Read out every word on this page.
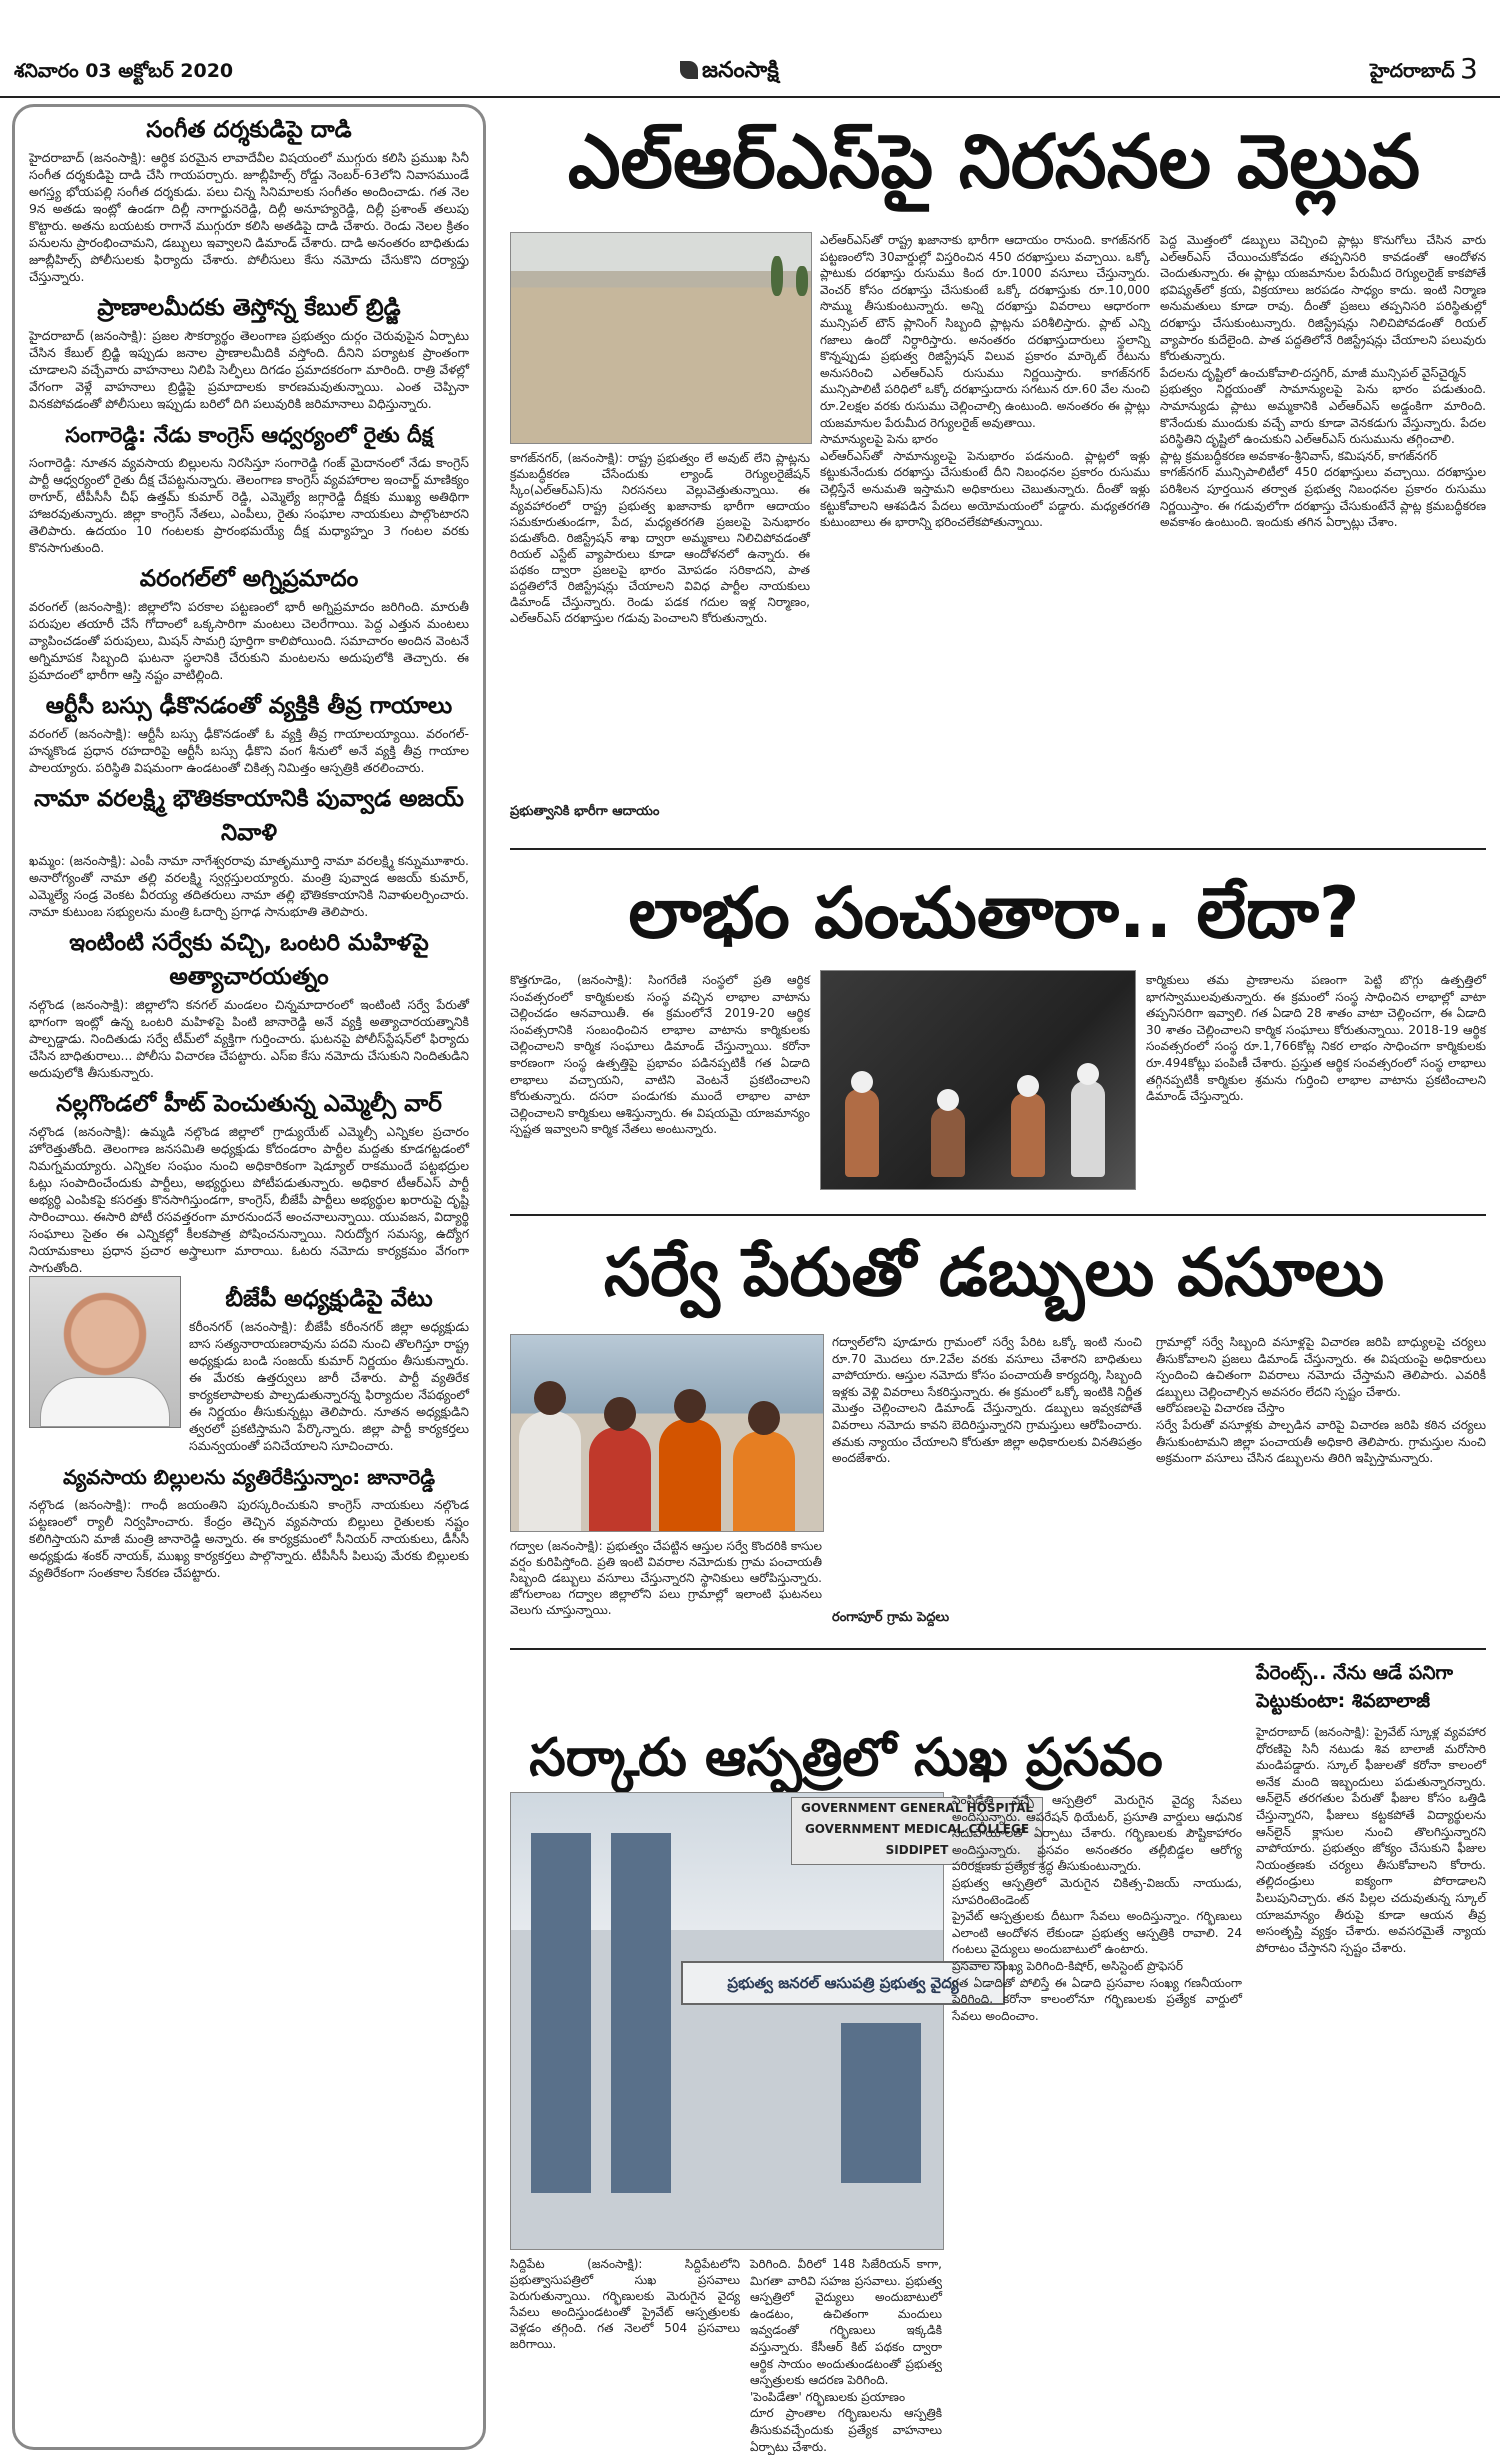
శనివారం 03 అక్టోబర్ 2020	జనంసాక్షి	హైదరాబాద్ 3
సంగీత దర్శకుడిపై దాడి

హైదరాబాద్ (జనంసాక్షి): ఆర్థిక పరమైన లావాదేవీల విషయంలో ముగ్గురు కలిసి ప్రముఖ సినీ సంగీత దర్శకుడిపై దాడి చేసి గాయపర్చారు. జూబ్లీహిల్స్ రోడ్డు నెంబర్-63లోని నివాసముండే అగస్త్య భోయపల్లి సంగీత దర్శకుడు. పలు చిన్న సినిమాలకు సంగీతం అందించాడు. గత నెల 9న అతడు ఇంట్లో ఉండగా దిల్లీ నాగార్జునరెడ్డి, దిల్లీ అనూహ్యరెడ్డి, దిల్లీ ప్రశాంత్ తలుపు కొట్టారు. అతను బయటకు రాగానే ముగ్గురూ కలిసి అతడిపై దాడి చేశారు. రెండు నెలల క్రితం పనులను ప్రారంభించామని, డబ్బులు ఇవ్వాలని డిమాండ్ చేశారు. దాడి అనంతరం బాధితుడు జూబ్లీహిల్స్ పోలీసులకు ఫిర్యాదు చేశారు. పోలీసులు కేసు నమోదు చేసుకొని దర్యాప్తు చేస్తున్నారు.

ప్రాణాలమీదకు తెస్తోన్న కేబుల్ బ్రిడ్జి

హైదరాబాద్ (జనంసాక్షి): ప్రజల సౌకర్యార్థం తెలంగాణ ప్రభుత్వం దుర్గం చెరువుపైన ఏర్పాటు చేసిన కేబుల్ బ్రిడ్జి ఇప్పుడు జనాల ప్రాణాలమీదికి వస్తోంది. దీనిని పర్యాటక ప్రాంతంగా చూడాలని వచ్చేవారు వాహనాలు నిలిపి సెల్ఫీలు దిగడం ప్రమాదకరంగా మారింది. రాత్రి వేళల్లో వేగంగా వెళ్లే వాహనాలు బ్రిడ్జిపై ప్రమాదాలకు కారణమవుతున్నాయి. ఎంత చెప్పినా వినకపోవడంతో పోలీసులు ఇప్పుడు బరిలో దిగి పలువురికి జరిమానాలు విధిస్తున్నారు.

సంగారెడ్డి: నేడు కాంగ్రెస్ ఆధ్వర్యంలో రైతు దీక్ష

సంగారెడ్డి: నూతన వ్యవసాయ బిల్లులను నిరసిస్తూ సంగారెడ్డి గంజ్ మైదానంలో నేడు కాంగ్రెస్ పార్టీ ఆధ్వర్యంలో రైతు దీక్ష చేపట్టనున్నారు. తెలంగాణ కాంగ్రెస్ వ్యవహారాల ఇంచార్జ్ మాణిక్యం ఠాగూర్, టీపీసీసీ చీఫ్ ఉత్తమ్ కుమార్ రెడ్డి, ఎమ్మెల్యే జగ్గారెడ్డి దీక్షకు ముఖ్య అతిథిగా హాజరవుతున్నారు. జిల్లా కాంగ్రెస్ నేతలు, ఎంపీలు, రైతు సంఘాల నాయకులు పాల్గొంటారని తెలిపారు. ఉదయం 10 గంటలకు ప్రారంభమయ్యే దీక్ష మధ్యాహ్నం 3 గంటల వరకు కొనసాగుతుంది.

వరంగల్‌లో అగ్నిప్రమాదం

వరంగల్ (జనంసాక్షి): జిల్లాలోని పరకాల పట్టణంలో భారీ అగ్నిప్రమాదం జరిగింది. మారుతీ పరుపుల తయారీ చేసే గోదాంలో ఒక్కసారిగా మంటలు చెలరేగాయి. పెద్ద ఎత్తున మంటలు వ్యాపించడంతో పరుపులు, మిషన్ సామగ్రి పూర్తిగా కాలిపోయింది. సమాచారం అందిన వెంటనే అగ్నిమాపక సిబ్బంది ఘటనా స్థలానికి చేరుకుని మంటలను అదుపులోకి తెచ్చారు. ఈ ప్రమాదంలో భారీగా ఆస్తి నష్టం వాటిల్లింది.

ఆర్టీసీ బస్సు ఢీకొనడంతో వ్యక్తికి తీవ్ర గాయాలు

వరంగల్ (జనంసాక్షి): ఆర్టీసీ బస్సు ఢీకొనడంతో ఓ వ్యక్తి తీవ్ర గాయాలయ్యాయి. వరంగల్-హన్మకొండ ప్రధాన రహదారిపై ఆర్టీసీ బస్సు ఢీకొని వంగ శీనులో అనే వ్యక్తి తీవ్ర గాయాల పాలయ్యారు. పరిస్థితి విషమంగా ఉండటంతో చికిత్స నిమిత్తం ఆస్పత్రికి తరలించారు.

నామా వరలక్ష్మి భౌతికకాయానికి పువ్వాడ అజయ్ నివాళి

ఖమ్మం: (జనంసాక్షి): ఎంపీ నామా నాగేశ్వరరావు మాతృమూర్తి నామా వరలక్ష్మి కన్నుమూశారు. అనారోగ్యంతో నామా తల్లి వరలక్ష్మి స్వర్గస్తులయ్యారు. మంత్రి పువ్వాడ అజయ్ కుమార్, ఎమ్మెల్యే సండ్ర వెంకట వీరయ్య తదితరులు నామా తల్లి భౌతికకాయానికి నివాళులర్పించారు. నామా కుటుంబ సభ్యులను మంత్రి ఓదార్చి ప్రగాఢ సానుభూతి తెలిపారు.

ఇంటింటి సర్వేకు వచ్చి, ఒంటరి మహిళపై అత్యాచారయత్నం

నల్గొండ (జనంసాక్షి): జిల్లాలోని కనగల్ మండలం చిన్నమాదారంలో ఇంటింటి సర్వే పేరుతో భాగంగా ఇంట్లో ఉన్న ఒంటరి మహిళపై పింటి జానారెడ్డి అనే వ్యక్తి అత్యాచారయత్నానికి పాల్పడ్డాడు. నిందితుడు సర్వే టీమ్‌లో వ్యక్తిగా గుర్తించారు. ఘటనపై పోలీస్‌స్టేషన్‌లో ఫిర్యాదు చేసిన బాధితురాలు... పోలీసు విచారణ చేపట్టారు. ఎస్‌ఐ కేసు నమోదు చేసుకుని నిందితుడిని అదుపులోకి తీసుకున్నారు.

నల్లగొండలో హీట్ పెంచుతున్న ఎమ్మెల్సీ వార్

నల్గొండ (జనంసాక్షి): ఉమ్మడి నల్గొండ జిల్లాలో గ్రాడ్యుయేట్ ఎమ్మెల్సీ ఎన్నికల ప్రచారం హోరెత్తుతోంది. తెలంగాణ జనసమితి అధ్యక్షుడు కోదండరాం పార్టీల మద్దతు కూడగట్టడంలో నిమగ్నమయ్యారు. ఎన్నికల సంఘం నుంచి అధికారికంగా షెడ్యూల్ రాకముందే పట్టభద్రుల ఓట్లు సంపాదించేందుకు పార్టీలు, అభ్యర్థులు పోటీపడుతున్నారు. అధికార టీఆర్‌ఎస్ పార్టీ అభ్యర్థి ఎంపికపై కసరత్తు కొనసాగిస్తుండగా, కాంగ్రెస్, బీజేపీ పార్టీలు అభ్యర్థుల ఖరారుపై దృష్టి సారించాయి. ఈసారి పోటీ రసవత్తరంగా మారనుందనే అంచనాలున్నాయి. యువజన, విద్యార్థి సంఘాలు సైతం ఈ ఎన్నికల్లో కీలకపాత్ర పోషించనున్నాయి. నిరుద్యోగ సమస్య, ఉద్యోగ నియామకాలు ప్రధాన ప్రచార అస్త్రాలుగా మారాయి. ఓటరు నమోదు కార్యక్రమం వేగంగా సాగుతోంది.

బీజేపీ అధ్యక్షుడిపై వేటు

కరీంనగర్ (జనంసాక్షి): బీజేపీ కరీంనగర్ జిల్లా అధ్యక్షుడు బాస సత్యనారాయణరావును పదవి నుంచి తొలగిస్తూ రాష్ట్ర అధ్యక్షుడు బండి సంజయ్ కుమార్ నిర్ణయం తీసుకున్నారు. ఈ మేరకు ఉత్తర్వులు జారీ చేశారు. పార్టీ వ్యతిరేక కార్యకలాపాలకు పాల్పడుతున్నారన్న ఫిర్యాదుల నేపథ్యంలో ఈ నిర్ణయం తీసుకున్నట్లు తెలిపారు. నూతన అధ్యక్షుడిని త్వరలో ప్రకటిస్తామని పేర్కొన్నారు. జిల్లా పార్టీ కార్యకర్తలు సమన్వయంతో పనిచేయాలని సూచించారు.

వ్యవసాయ బిల్లులను వ్యతిరేకిస్తున్నాం: జానారెడ్డి

నల్గొండ (జనంసాక్షి): గాంధీ జయంతిని పురస్కరించుకుని కాంగ్రెస్ నాయకులు నల్గొండ పట్టణంలో ర్యాలీ నిర్వహించారు. కేంద్రం తెచ్చిన వ్యవసాయ బిల్లులు రైతులకు నష్టం కలిగిస్తాయని మాజీ మంత్రి జానారెడ్డి అన్నారు. ఈ కార్యక్రమంలో సీనియర్ నాయకులు, డీసీసీ అధ్యక్షుడు శంకర్ నాయక్, ముఖ్య కార్యకర్తలు పాల్గొన్నారు. టీపీసీసీ పిలుపు మేరకు బిల్లులకు వ్యతిరేకంగా సంతకాల సేకరణ చేపట్టారు.

ఎల్ఆర్ఎస్‌పై నిరసనల వెల్లువ
కాగజ్‌నగర్, (జనంసాక్షి): రాష్ట్ర ప్రభుత్వం లే అవుట్ లేని ప్లాట్లను క్రమబద్ధీకరణ చేసేందుకు ల్యాండ్ రెగ్యులరైజేషన్ స్కీం(ఎల్ఆర్ఎస్)ను నిరసనలు వెల్లువెత్తుతున్నాయి. ఈ వ్యవహారంలో రాష్ట్ర ప్రభుత్వ ఖజానాకు భారీగా ఆదాయం సమకూరుతుండగా, పేద, మధ్యతరగతి ప్రజలపై పెనుభారం పడుతోంది. రిజిస్ట్రేషన్ శాఖ ద్వారా అమ్మకాలు నిలిచిపోవడంతో రియల్ ఎస్టేట్ వ్యాపారులు కూడా ఆందోళనలో ఉన్నారు. ఈ పథకం ద్వారా ప్రజలపై భారం మోపడం సరికాదని, పాత పద్దతిలోనే రిజిస్ట్రేషన్లు చేయాలని వివిధ పార్టీల నాయకులు డిమాండ్ చేస్తున్నారు. రెండు పడక గదుల ఇళ్ల నిర్మాణం, ఎల్ఆర్ఎస్ దరఖాస్తుల గడువు పెంచాలని కోరుతున్నారు.
ప్రభుత్వానికి భారీగా ఆదాయం
ఎల్ఆర్ఎస్‌తో రాష్ట్ర ఖజానాకు భారీగా ఆదాయం రానుంది. కాగజ్‌నగర్ పట్టణంలోని 30వార్డుల్లో విస్తరించిన 450 దరఖాస్తులు వచ్చాయి. ఒక్కో ప్లాటుకు దరఖాస్తు రుసుము కింద రూ.1000 వసూలు చేస్తున్నారు. వెంచర్ కోసం దరఖాస్తు చేసుకుంటే ఒక్కో దరఖాస్తుకు రూ.10,000 సొమ్ము తీసుకుంటున్నారు. అన్ని దరఖాస్తు వివరాలు ఆధారంగా మున్సిపల్ టౌన్ ప్లానింగ్ సిబ్బంది ప్లాట్లను పరిశీలిస్తారు. ప్లాట్ ఎన్ని గజాలు ఉందో నిర్ధారిస్తారు. అనంతరం దరఖాస్తుదారులు స్థలాన్ని కొన్నప్పుడు ప్రభుత్వ రిజిస్ట్రేషన్ విలువ ప్రకారం మార్కెట్ రేటును అనుసరించి ఎల్ఆర్ఎస్ రుసుము నిర్ణయిస్తారు. కాగజ్‌నగర్ మున్సిపాలిటీ పరిధిలో ఒక్కో దరఖాస్తుదారు సగటున రూ.60 వేల నుంచి రూ.2లక్షల వరకు రుసుము చెల్లించాల్సి ఉంటుంది. అనంతరం ఈ ప్లాట్లు యజమానుల పేరుమీద రెగ్యులరైజ్ అవుతాయి.
సామాన్యులపై పెను భారం
ఎల్ఆర్ఎస్‌తో సామాన్యులపై పెనుభారం పడనుంది. ప్లాట్లలో ఇళ్లు కట్టుకునేందుకు దరఖాస్తు చేసుకుంటే దీని నిబంధనల ప్రకారం రుసుము చెల్లిస్తేనే అనుమతి ఇస్తామని అధికారులు చెబుతున్నారు. దీంతో ఇళ్లు కట్టుకోవాలని ఆశపడిన పేదలు అయోమయంలో పడ్డారు. మధ్యతరగతి కుటుంబాలు ఈ భారాన్ని భరించలేకపోతున్నాయి.
పెద్ద మొత్తంలో డబ్బులు వెచ్చించి ప్లాట్లు కొనుగోలు చేసిన వారు ఎల్ఆర్ఎస్ చేయించుకోవడం తప్పనిసరి కావడంతో ఆందోళన చెందుతున్నారు. ఈ ప్లాట్లు యజమానుల పేరుమీద రెగ్యులరైజ్ కాకపోతే భవిష్యత్‌లో క్రయ, విక్రయాలు జరపడం సాధ్యం కాదు. ఇంటి నిర్మాణ అనుమతులు కూడా రావు. దీంతో ప్రజలు తప్పనిసరి పరిస్థితుల్లో దరఖాస్తు చేసుకుంటున్నారు. రిజిస్ట్రేషన్లు నిలిచిపోవడంతో రియల్ వ్యాపారం కుదేలైంది. పాత పద్దతిలోనే రిజిస్ట్రేషన్లు చేయాలని పలువురు కోరుతున్నారు.
పేదలను దృష్టిలో ఉంచుకోవాలి-దస్తగిర్, మాజీ మున్సిపల్ వైస్‌చైర్మన్
ప్రభుత్వం నిర్ణయంతో సామాన్యులపై పెను భారం పడుతుంది. సామాన్యుడు ప్లాటు అమ్మకానికి ఎల్ఆర్ఎస్ అడ్డంకిగా మారింది. కొనేందుకు ముందుకు వచ్చే వారు కూడా వెనకడుగు వేస్తున్నారు. పేదల పరిస్థితిని దృష్టిలో ఉంచుకుని ఎల్ఆర్ఎస్ రుసుమును తగ్గించాలి.
ప్లాట్ల క్రమబద్ధీకరణ అవకాశం-శ్రీనివాస్, కమిషనర్, కాగజ్‌నగర్
కాగజ్‌నగర్ మున్సిపాలిటీలో 450 దరఖాస్తులు వచ్చాయి. దరఖాస్తుల పరిశీలన పూర్తయిన తర్వాత ప్రభుత్వ నిబంధనల ప్రకారం రుసుము నిర్ణయిస్తాం. ఈ గడువులోగా దరఖాస్తు చేసుకుంటేనే ప్లాట్ల క్రమబద్ధీకరణ అవకాశం ఉంటుంది. ఇందుకు తగిన ఏర్పాట్లు చేశాం.
లాభం పంచుతారా.. లేదా?
కొత్తగూడెం, (జనంసాక్షి): సింగరేణి సంస్థలో ప్రతి ఆర్థిక సంవత్సరంలో కార్మికులకు సంస్థ వచ్చిన లాభాల వాటాను చెల్లించడం ఆనవాయితీ. ఈ క్రమంలోనే 2019-20 ఆర్థిక సంవత్సరానికి సంబంధించిన లాభాల వాటాను కార్మికులకు చెల్లించాలని కార్మిక సంఘాలు డిమాండ్ చేస్తున్నాయి. కరోనా కారణంగా సంస్థ ఉత్పత్తిపై ప్రభావం పడినప్పటికీ గత ఏడాది లాభాలు వచ్చాయని, వాటిని వెంటనే ప్రకటించాలని కోరుతున్నారు. దసరా పండుగకు ముందే లాభాల వాటా చెల్లించాలని కార్మికులు ఆశిస్తున్నారు. ఈ విషయమై యాజమాన్యం స్పష్టత ఇవ్వాలని కార్మిక నేతలు అంటున్నారు.
కార్మికులు తమ ప్రాణాలను పణంగా పెట్టి బొగ్గు ఉత్పత్తిలో భాగస్వాములవుతున్నారు. ఈ క్రమంలో సంస్థ సాధించిన లాభాల్లో వాటా తప్పనిసరిగా ఇవ్వాలి. గత ఏడాది 28 శాతం వాటా చెల్లించగా, ఈ ఏడాది 30 శాతం చెల్లించాలని కార్మిక సంఘాలు కోరుతున్నాయి. 2018-19 ఆర్థిక సంవత్సరంలో సంస్థ రూ.1,766కోట్ల నికర లాభం సాధించగా కార్మికులకు రూ.494కోట్లు పంపిణీ చేశారు. ప్రస్తుత ఆర్థిక సంవత్సరంలో సంస్థ లాభాలు తగ్గినప్పటికీ కార్మికుల శ్రమను గుర్తించి లాభాల వాటాను ప్రకటించాలని డిమాండ్ చేస్తున్నారు.
సర్వే పేరుతో డబ్బులు వసూలు
గద్వాల (జనంసాక్షి): ప్రభుత్వం చేపట్టిన ఆస్తుల సర్వే కొందరికి కాసుల వర్షం కురిపిస్తోంది. ప్రతి ఇంటి వివరాల నమోదుకు గ్రామ పంచాయతీ సిబ్బంది డబ్బులు వసూలు చేస్తున్నారని స్థానికులు ఆరోపిస్తున్నారు. జోగులాంబ గద్వాల జిల్లాలోని పలు గ్రామాల్లో ఇలాంటి ఘటనలు వెలుగు చూస్తున్నాయి.
గద్వాల్‌లోని పూడూరు గ్రామంలో సర్వే పేరిట ఒక్కో ఇంటి నుంచి రూ.70 మొదలు రూ.2వేల వరకు వసూలు చేశారని బాధితులు వాపోయారు. ఆస్తుల నమోదు కోసం పంచాయతీ కార్యదర్శి, సిబ్బంది ఇళ్లకు వెళ్లి వివరాలు సేకరిస్తున్నారు. ఈ క్రమంలో ఒక్కో ఇంటికి నిర్ణీత మొత్తం చెల్లించాలని డిమాండ్ చేస్తున్నారు. డబ్బులు ఇవ్వకపోతే వివరాలు నమోదు కావని బెదిరిస్తున్నారని గ్రామస్తులు ఆరోపించారు. తమకు న్యాయం చేయాలని కోరుతూ జిల్లా అధికారులకు వినతిపత్రం అందజేశారు.
రంగాపూర్ గ్రామ పెద్దలు
గ్రామాల్లో సర్వే సిబ్బంది వసూళ్లపై విచారణ జరిపి బాధ్యులపై చర్యలు తీసుకోవాలని ప్రజలు డిమాండ్ చేస్తున్నారు. ఈ విషయంపై అధికారులు స్పందించి ఉచితంగా వివరాలు నమోదు చేస్తామని తెలిపారు. ఎవరికీ డబ్బులు చెల్లించాల్సిన అవసరం లేదని స్పష్టం చేశారు.
ఆరోపణలపై విచారణ చేస్తాం
సర్వే పేరుతో వసూళ్లకు పాల్పడిన వారిపై విచారణ జరిపి కఠిన చర్యలు తీసుకుంటామని జిల్లా పంచాయతీ అధికారి తెలిపారు. గ్రామస్తుల నుంచి అక్రమంగా వసూలు చేసిన డబ్బులను తిరిగి ఇప్పిస్తామన్నారు.
పేరెంట్స్.. నేను ఆడే పనిగా
పెట్టుకుంటా: శివబాలాజీ
హైదరాబాద్ (జనంసాక్షి): ప్రైవేట్ స్కూళ్ల వ్యవహార ధోరణిపై సినీ నటుడు శివ బాలాజీ మరోసారి మండిపడ్డారు. స్కూల్ ఫీజులతో కరోనా కాలంలో అనేక మంది ఇబ్బందులు పడుతున్నారన్నారు. ఆన్‌లైన్ తరగతుల పేరుతో ఫీజుల కోసం ఒత్తిడి చేస్తున్నారని, ఫీజులు కట్టకపోతే విద్యార్థులను ఆన్‌లైన్ క్లాసుల నుంచి తొలగిస్తున్నారని వాపోయారు. ప్రభుత్వం జోక్యం చేసుకుని ఫీజుల నియంత్రణకు చర్యలు తీసుకోవాలని కోరారు. తల్లిదండ్రులు ఐక్యంగా పోరాడాలని పిలుపునిచ్చారు. తన పిల్లల చదువుతున్న స్కూల్ యాజమాన్యం తీరుపై కూడా ఆయన తీవ్ర అసంతృప్తి వ్యక్తం చేశారు. అవసరమైతే న్యాయ పోరాటం చేస్తానని స్పష్టం చేశారు.
సర్కారు ఆస్పత్రిలో సుఖ ప్రసవం
GOVERNMENT GENERAL HOSPITAL
GOVERNMENT MEDICAL COLLEGE
SIDDIPET
ప్రభుత్వ జనరల్ ఆసుపత్రి ప్రభుత్వ వైద్య
సిద్దిపేట (జనంసాక్షి): సిద్దిపేటలోని ప్రభుత్వాసుపత్రిలో సుఖ ప్రసవాలు పెరుగుతున్నాయి. గర్భిణులకు మెరుగైన వైద్య సేవలు అందిస్తుండటంతో ప్రైవేట్ ఆస్పత్రులకు వెళ్లడం తగ్గింది. గత నెలలో 504 ప్రసవాలు జరిగాయి.
పెరిగింది. వీరిలో 148 సిజేరియన్ కాగా, మిగతా వారివి సహజ ప్రసవాలు. ప్రభుత్వ ఆస్పత్రిలో వైద్యులు అందుబాటులో ఉండటం, ఉచితంగా మందులు ఇవ్వడంతో గర్భిణులు ఇక్కడికి వస్తున్నారు. కేసీఆర్ కిట్ పథకం ద్వారా ఆర్థిక సాయం అందుతుండటంతో ప్రభుత్వ ఆస్పత్రులకు ఆదరణ పెరిగింది.
'పెంపిడేతా' గర్భిణులకు ప్రయాణం
దూర ప్రాంతాల గర్భిణులను ఆస్పత్రికి తీసుకువచ్చేందుకు ప్రత్యేక వాహనాలు ఏర్పాటు చేశారు.
పెంపిడేతి వచ్చే ఆస్పత్రిలో మెరుగైన వైద్య సేవలు అందిస్తున్నారు. ఆపరేషన్ థియేటర్, ప్రసూతి వార్డులు ఆధునిక సదుపాయాలతో ఏర్పాటు చేశారు. గర్భిణులకు పౌష్టికాహారం అందిస్తున్నారు. ప్రసవం అనంతరం తల్లీబిడ్డల ఆరోగ్య పరిరక్షణకు ప్రత్యేక శ్రద్ధ తీసుకుంటున్నారు.
ప్రభుత్వ ఆస్పత్రిలో మెరుగైన చికిత్స-విజయ్ నాయుడు, సూపరింటెండెంట్
ప్రైవేట్ ఆస్పత్రులకు దీటుగా సేవలు అందిస్తున్నాం. గర్భిణులు ఎలాంటి ఆందోళన లేకుండా ప్రభుత్వ ఆస్పత్రికి రావాలి. 24 గంటలు వైద్యులు అందుబాటులో ఉంటారు.
ప్రసవాల సంఖ్య పెరిగింది-కిషోర్, అసిస్టెంట్ ప్రొఫెసర్
గత ఏడాదితో పోలిస్తే ఈ ఏడాది ప్రసవాల సంఖ్య గణనీయంగా పెరిగింది. కరోనా కాలంలోనూ గర్భిణులకు ప్రత్యేక వార్డులో సేవలు అందించాం.
